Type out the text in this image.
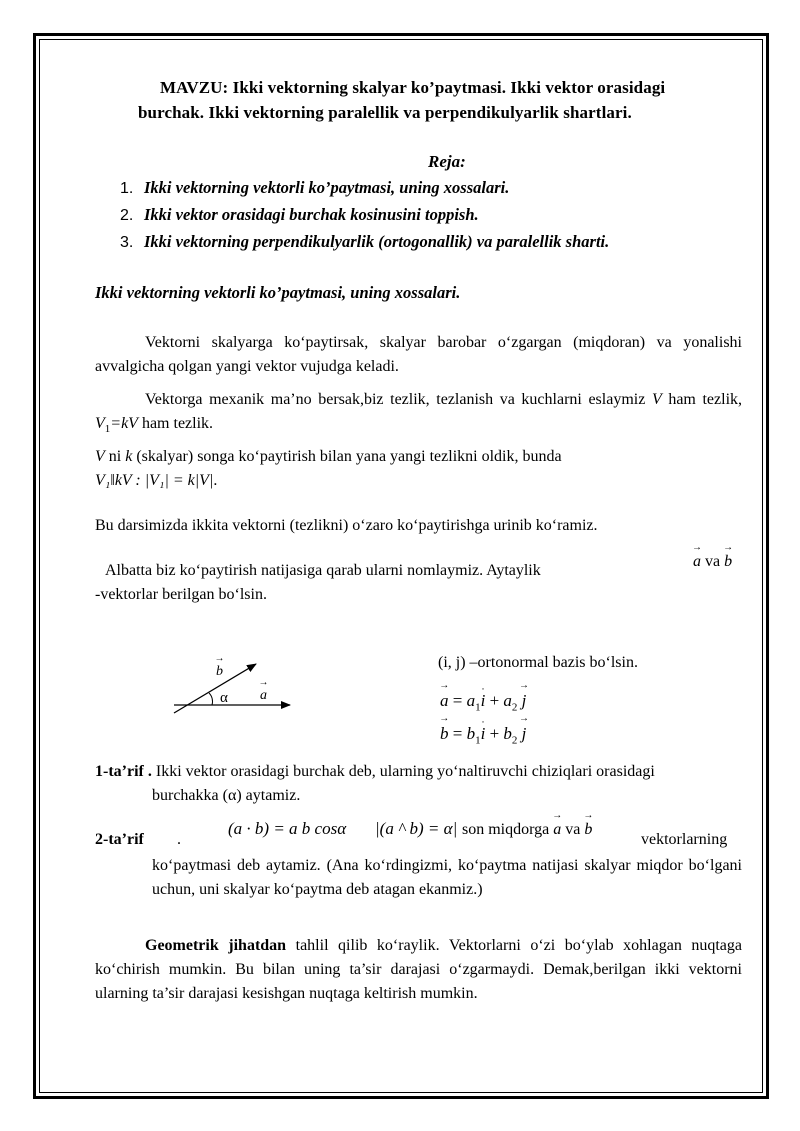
MAVZU: Ikki vektorning skalyar ko’paytmasi. Ikki vektor orasidagi
burchak. Ikki vektorning paralellik va perpendikulyarlik shartlari.
Reja:
1. Ikki vektorning vektorli ko’paytmasi, uning xossalari.
2. Ikki vektor orasidagi burchak kosinusini toppish.
3. Ikki vektorning perpendikulyarlik (ortogonallik) va paralellik sharti.
Ikki vektorning vektorli ko’paytmasi, uning xossalari.
Vektorni skalyarga ko‘paytirsak, skalyar barobar o‘zgargan (miqdoran) va yonalishi avvalgicha qolgan yangi vektor vujudga keladi.
Vektorga mexanik ma’no bersak,biz tezlik, tezlanish va kuchlarni eslaymiz V ham tezlik, $V_1=kV$ ham tezlik.
V ni k (skalyar) songa ko‘paytirish bilan yana yangi tezlikni oldik, bunda
V₁‖kV : |V₁| = k|V|.
Bu darsimizda ikkita vektorni (tezlikni) o‘zaro ko‘paytirishga urinib ko‘ramiz.
Albatta biz ko‘paytirish natijasiga qarab ularni nomlaymiz. Aytaylik
→ a va → b
-vektorlar berilgan bo‘lsin.
→ b
α → a
(i, j) –ortonormal bazis bo‘lsin.
→ $a = a_1˙$ $i + a_2 \to j$
→ $b = b_1˙$ $i + b_2 \to j$
1-ta’rif . Ikki vektor orasidagi burchak deb, ularning yo‘naltiruvchi chiziqlari orasidagi
burchakka (α) aytamiz.
2-ta’rif .
(a · b) = a b cosα |(a ^ b) = α| son miqdorga → a va → b
vektorlarning
ko‘paytmasi deb aytamiz. (Ana ko‘rdingizmi, ko‘paytma natijasi skalyar miqdor bo‘lgani uchun, uni skalyar ko‘paytma deb atagan ekanmiz.)
Geometrik jihatdan tahlil qilib ko‘raylik. Vektorlarni o‘zi bo‘ylab xohlagan nuqtaga ko‘chirish mumkin. Bu bilan uning ta’sir darajasi o‘zgarmaydi. Demak,berilgan ikki vektorni ularning ta’sir darajasi kesishgan nuqtaga keltirish mumkin.
